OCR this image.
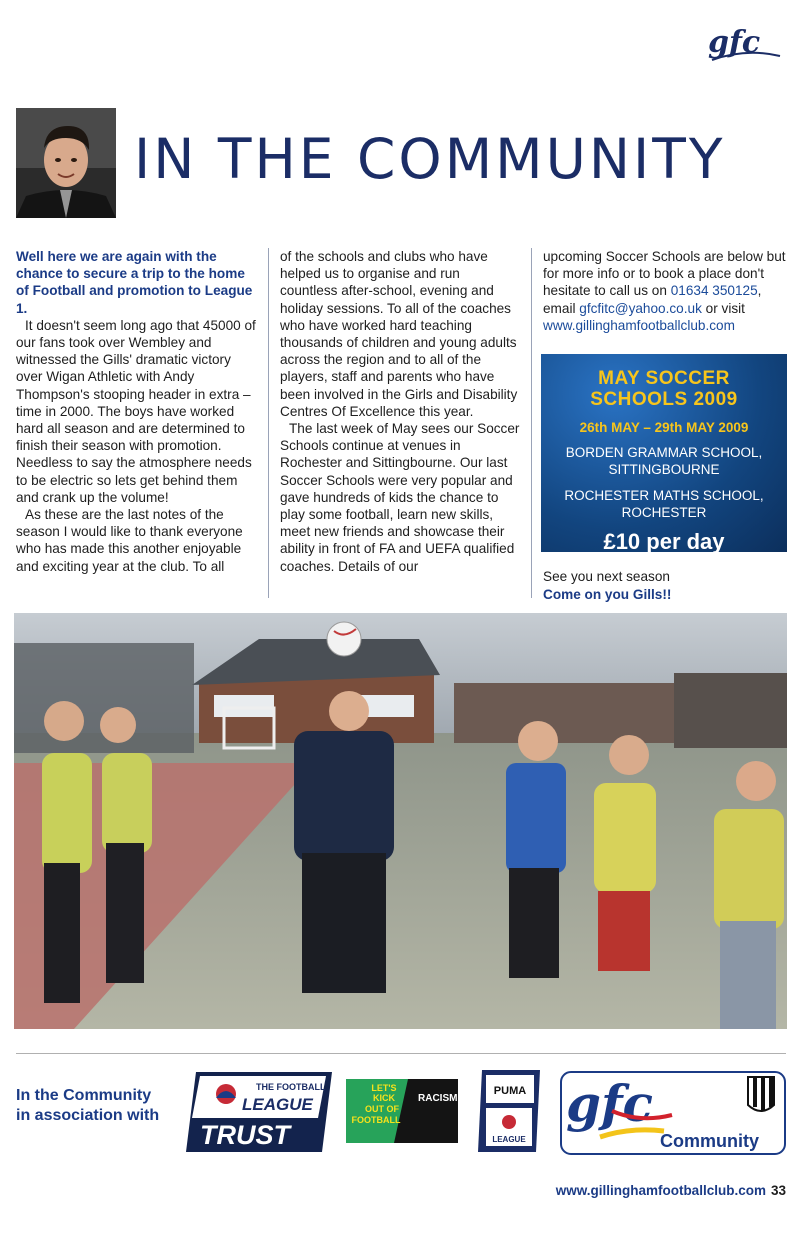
gfc
IN THE COMMUNITY

Well here we are again with the chance to secure a trip to the home of Football and promotion to League 1.

It doesn't seem long ago that 45000 of our fans took over Wembley and witnessed the Gills' dramatic victory over Wigan Athletic with Andy Thompson's stooping header in extra – time in 2000. The boys have worked hard all season and are determined to finish their season with promotion. Needless to say the atmosphere needs to be electric so lets get behind them and crank up the volume!

As these are the last notes of the season I would like to thank everyone who has made this another enjoyable and exciting year at the club. To all

of the schools and clubs who have helped us to organise and run countless after-school, evening and holiday sessions. To all of the coaches who have worked hard teaching thousands of children and young adults across the region and to all of the players, staff and parents who have been involved in the Girls and Disability Centres Of Excellence this year.

The last week of May sees our Soccer Schools continue at venues in Rochester and Sittingbourne. Our last Soccer Schools were very popular and gave hundreds of kids the chance to play some football, learn new skills, meet new friends and showcase their ability in front of FA and UEFA qualified coaches. Details of our

upcoming Soccer Schools are below but for more info or to book a place don't hesitate to call us on 01634 350125, email gfcfitc@yahoo.co.uk or visit www.gillinghamfootballclub.com

MAY SOCCER
SCHOOLS 2009
26th MAY – 29th MAY 2009
BORDEN GRAMMAR SCHOOL,
SITTINGBOURNE
ROCHESTER MATHS SCHOOL,
ROCHESTER
£10 per day
See you next season
Come on you Gills!!
In the Community
in association with
THE FOOTBALL
LEAGUE
TRUST
LET'S
KICK RACISM
OUT OF
FOOTBALL
PUMA
LEAGUE
gfc
Community
www.gillinghamfootballclub.com 33
